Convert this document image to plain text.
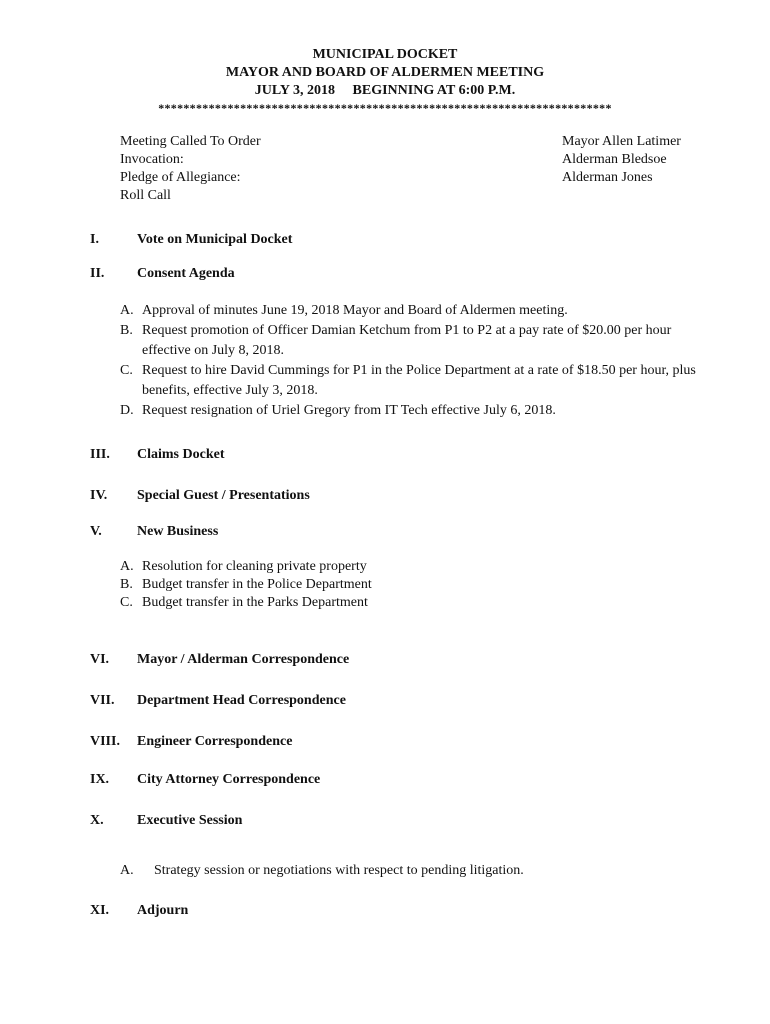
MUNICIPAL DOCKET
MAYOR AND BOARD OF ALDERMEN MEETING
JULY 3, 2018     BEGINNING AT 6:00 P.M.
************************************************************************
Meeting Called To Order	Mayor Allen Latimer
Invocation:	Alderman Bledsoe
Pledge of Allegiance:	Alderman Jones
Roll Call
I.	Vote on Municipal Docket
II.	Consent Agenda
A. Approval of minutes June 19, 2018 Mayor and Board of Aldermen meeting.
B. Request promotion of Officer Damian Ketchum from P1 to P2 at a pay rate of $20.00 per hour effective on July 8, 2018.
C. Request to hire David Cummings for P1 in the Police Department at a rate of $18.50 per hour, plus benefits, effective July 3, 2018.
D. Request resignation of Uriel Gregory from IT Tech effective July 6, 2018.
III.	Claims Docket
IV.	Special Guest / Presentations
V.	New Business
A. Resolution for cleaning private property
B. Budget transfer in the Police Department
C. Budget transfer in the Parks Department
VI.	Mayor / Alderman Correspondence
VII.	Department Head Correspondence
VIII.	Engineer Correspondence
IX.	City Attorney Correspondence
X.	Executive Session
A. Strategy session or negotiations with respect to pending litigation.
XI.	Adjourn
